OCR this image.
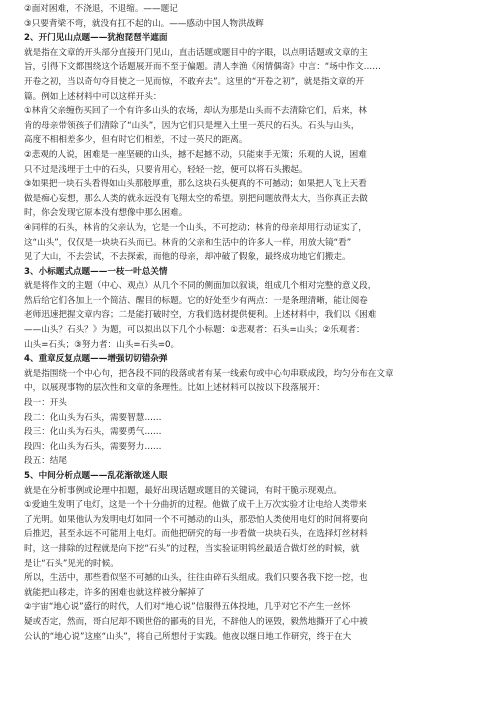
②面对困难，不浇退，不退缩。——题记
③只要背梁不弯，就没有扛不起的山。——感动中国人物洪战辉
2、开门见山点题——犹抱琵琶半遮面
就是指在文章的开头部分直接开门见山，直击话题或题目中的字眼，以点明话题或文章的主
旨，引得下文都围绕这个话题展开而不至于偏题。清人李渔《闲情偶寄》中言：“场中作文……
开卷之初，当以奇句夺目使之一见而惊，不敢弃去”。这里的“开卷之初”，就是指文章的开
篇。例如上述材料中可以这样开头：
①林肯父亲缠伤买回了一个有许多山头的农场，却认为那是山头而不去清除它们，后来，林
肯的母亲带领孩子们清除了“山头”，因为它们只是埋入土里一英尺的石头。石头与山头，
高度不相相差多少，但有时它们相差，不过一英尺的距离。
②悲观的人说，困难是一座坚硬的山头，撼不起撼不动，只能束手无策；乐观的人说，困难
只不过是浅埋于土中的石头，只要肯用心，轻轻一挖，便可以将石头搬起。
③如果把一块石头看得如山头那般厚重，那么这块石头便真的不可撼动；如果把人飞上天看
做是痴心妄想，那么人类的就永远没有飞翔太空的希望。别把问题放得太大，当你真正去做
时，你会发现它原本没有想像中那么困难。
④同样的石头，林肯的父亲认为，它是一个山头，不可挖动；林肯的母亲却用行动证实了，
这“山头”，仅仅是一块块石头而已。林肯的父亲和生活中的许多人一样，用放大镜“看”
见了大山，不去尝试，不去探索，而他的母亲，却冲破了假象，最终成功地它们搬走。
3、小标题式点题——一枝一叶总关情
就是将作文的主题（中心、观点）从几个不同的侧面加以叙谈，组成几个相对完整的意义段，
然后给它们各加上一个简洁、醒目的标题。它的好处至少有两点：一是条理清晰，能让阅卷
老师迅速把握文章内容；二是能打破时空，方我们选材提供便利。上述材料中，我们以《困难
——山头？石头？》为题，可以拟出以下几个小标题：①悲观者：石头=山头；②乐观者：
山头=石头；③努力者：山头=石头=0。
4、重章反复点题——增强切切错杂弹
就是指围绕一个中心句，把各段不同的段落或者有某一线索句或中心句串联成段，均匀分布在文章
中，以展现事物的层次性和文章的条理性。比如上述材料可以按以下段落展开：
段一：开头
段二：化山头为石头，需要智慧……
段三：化山头为石头，需要勇气……
段四：化山头为石头，需要努力……
段五：结尾
5、中间分析点题——乱花渐欲迷人眼
就是在分析事例或论理中扣题，最好出现话题或题目的关键词，有时干脆示现观点。
①爱迪生发明了电灯，这是一个十分曲折的过程。他做了成千上万次实验才让电给人类带来
了光明。如果他认为发明电灯如同一个不可撼动的山头，那恐怕人类使用电灯的时间将要向
后推迟，甚至永远不可能用上电灯。而他把研究的每一步看做一块块石头，在选择灯丝材料
时，这一排除的过程就是向下挖“石头”的过程，当实验证明钨丝最适合做灯丝的时候，就
是让“石头”见光的时候。
所以，生活中，那些看似坚不可撼的山头，往往由碎石头组成。我们只要各我下挖一挖，也
就能把山移走，许多的困难也就这样被分解掉了
②宇宙“地心说”盛行的时代，人们对“地心说”信服得五体投地，几乎对它不产生一丝怀
疑或否定，然而，哥白尼却不顾世俗的鄙夷的目光，不辞他人的诬毁，毅然地撕开了心中被
公认的“地心说”这座“山头”，将自己所想付于实践。他夜以继日地工作研究，终于在大
